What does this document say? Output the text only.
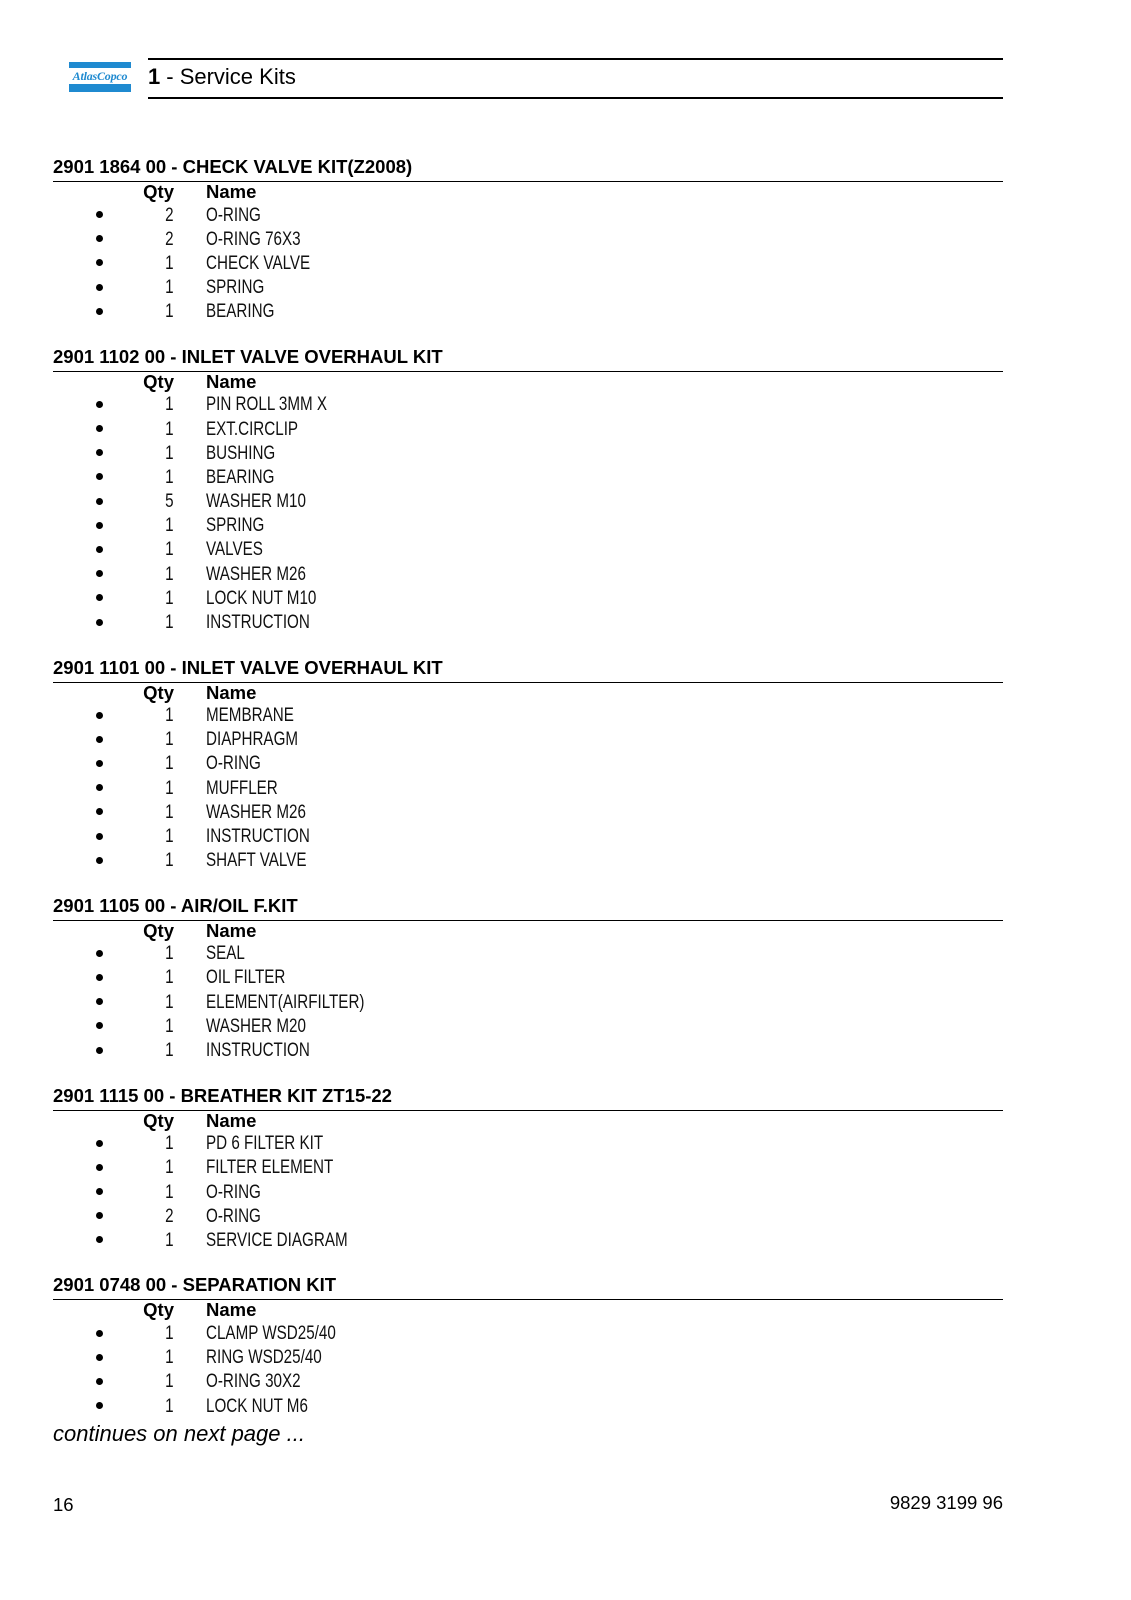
AtlasCopco 1 - Service Kits
2901 1864 00 - CHECK VALVE KIT(Z2008)
Qty Name
2 O-RING
2 O-RING 76X3
1 CHECK VALVE
1 SPRING
1 BEARING
2901 1102 00 - INLET VALVE OVERHAUL KIT
Qty Name
1 PIN ROLL 3MM X
1 EXT.CIRCLIP
1 BUSHING
1 BEARING
5 WASHER M10
1 SPRING
1 VALVES
1 WASHER M26
1 LOCK NUT M10
1 INSTRUCTION
2901 1101 00 - INLET VALVE OVERHAUL KIT
Qty Name
1 MEMBRANE
1 DIAPHRAGM
1 O-RING
1 MUFFLER
1 WASHER M26
1 INSTRUCTION
1 SHAFT VALVE
2901 1105 00 - AIR/OIL F.KIT
Qty Name
1 SEAL
1 OIL FILTER
1 ELEMENT(AIRFILTER)
1 WASHER M20
1 INSTRUCTION
2901 1115 00 - BREATHER KIT ZT15-22
Qty Name
1 PD 6 FILTER KIT
1 FILTER ELEMENT
1 O-RING
2 O-RING
1 SERVICE DIAGRAM
2901 0748 00 - SEPARATION KIT
Qty Name
1 CLAMP WSD25/40
1 RING WSD25/40
1 O-RING 30X2
1 LOCK NUT M6
continues on next page ...
16	9829 3199 96
